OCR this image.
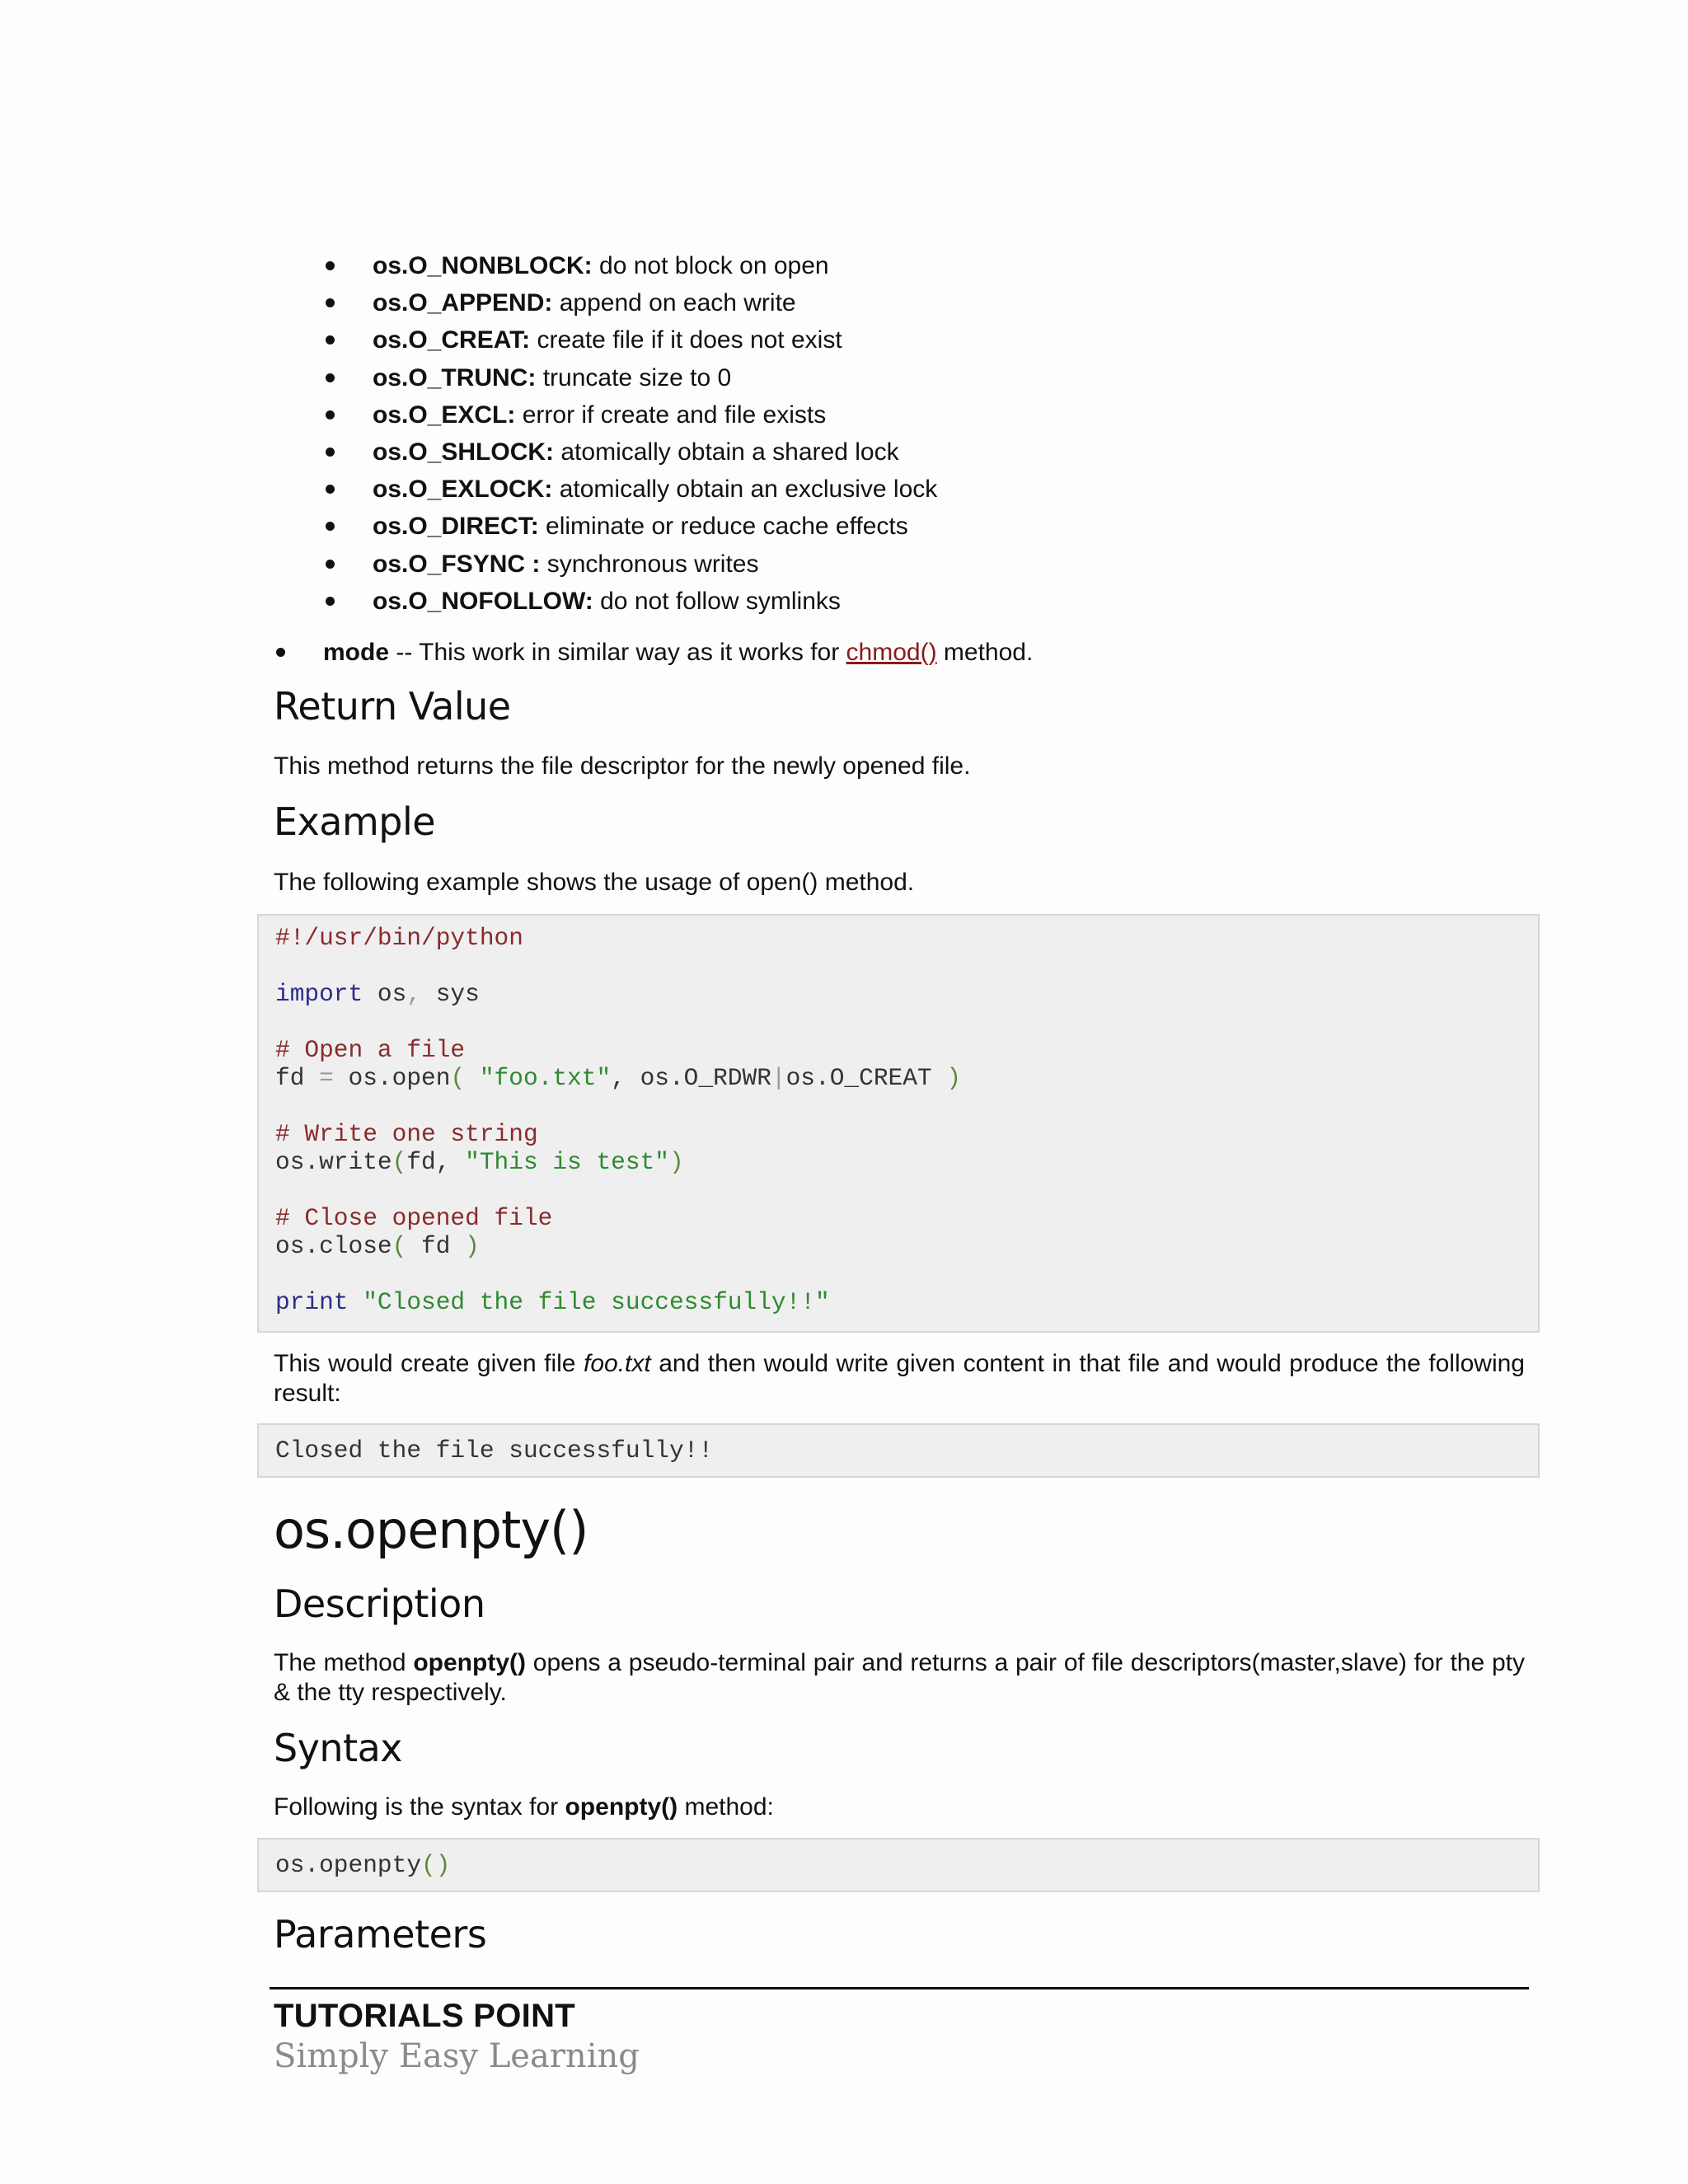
os.O_NONBLOCK: do not block on open
os.O_APPEND: append on each write
os.O_CREAT: create file if it does not exist
os.O_TRUNC: truncate size to 0
os.O_EXCL: error if create and file exists
os.O_SHLOCK: atomically obtain a shared lock
os.O_EXLOCK: atomically obtain an exclusive lock
os.O_DIRECT: eliminate or reduce cache effects
os.O_FSYNC : synchronous writes
os.O_NOFOLLOW: do not follow symlinks
mode -- This work in similar way as it works for chmod() method.
Return Value

This method returns the file descriptor for the newly opened file.

Example

The following example shows the usage of open() method.

#!/usr/bin/python

import os, sys

# Open a file
fd = os.open( "foo.txt", os.O_RDWR|os.O_CREAT )

# Write one string
os.write(fd, "This is test")

# Close opened file
os.close( fd )

print "Closed the file successfully!!"

This would create given file foo.txt and then would write given content in that file and would produce the following result:

Closed the file successfully!!
os.openpty()
Description

The method openpty() opens a pseudo-terminal pair and returns a pair of file descriptors(master,slave) for the pty & the tty respectively.

Syntax

Following is the syntax for openpty() method:

os.openpty()
Parameters
TUTORIALS POINT
Simply Easy Learning
